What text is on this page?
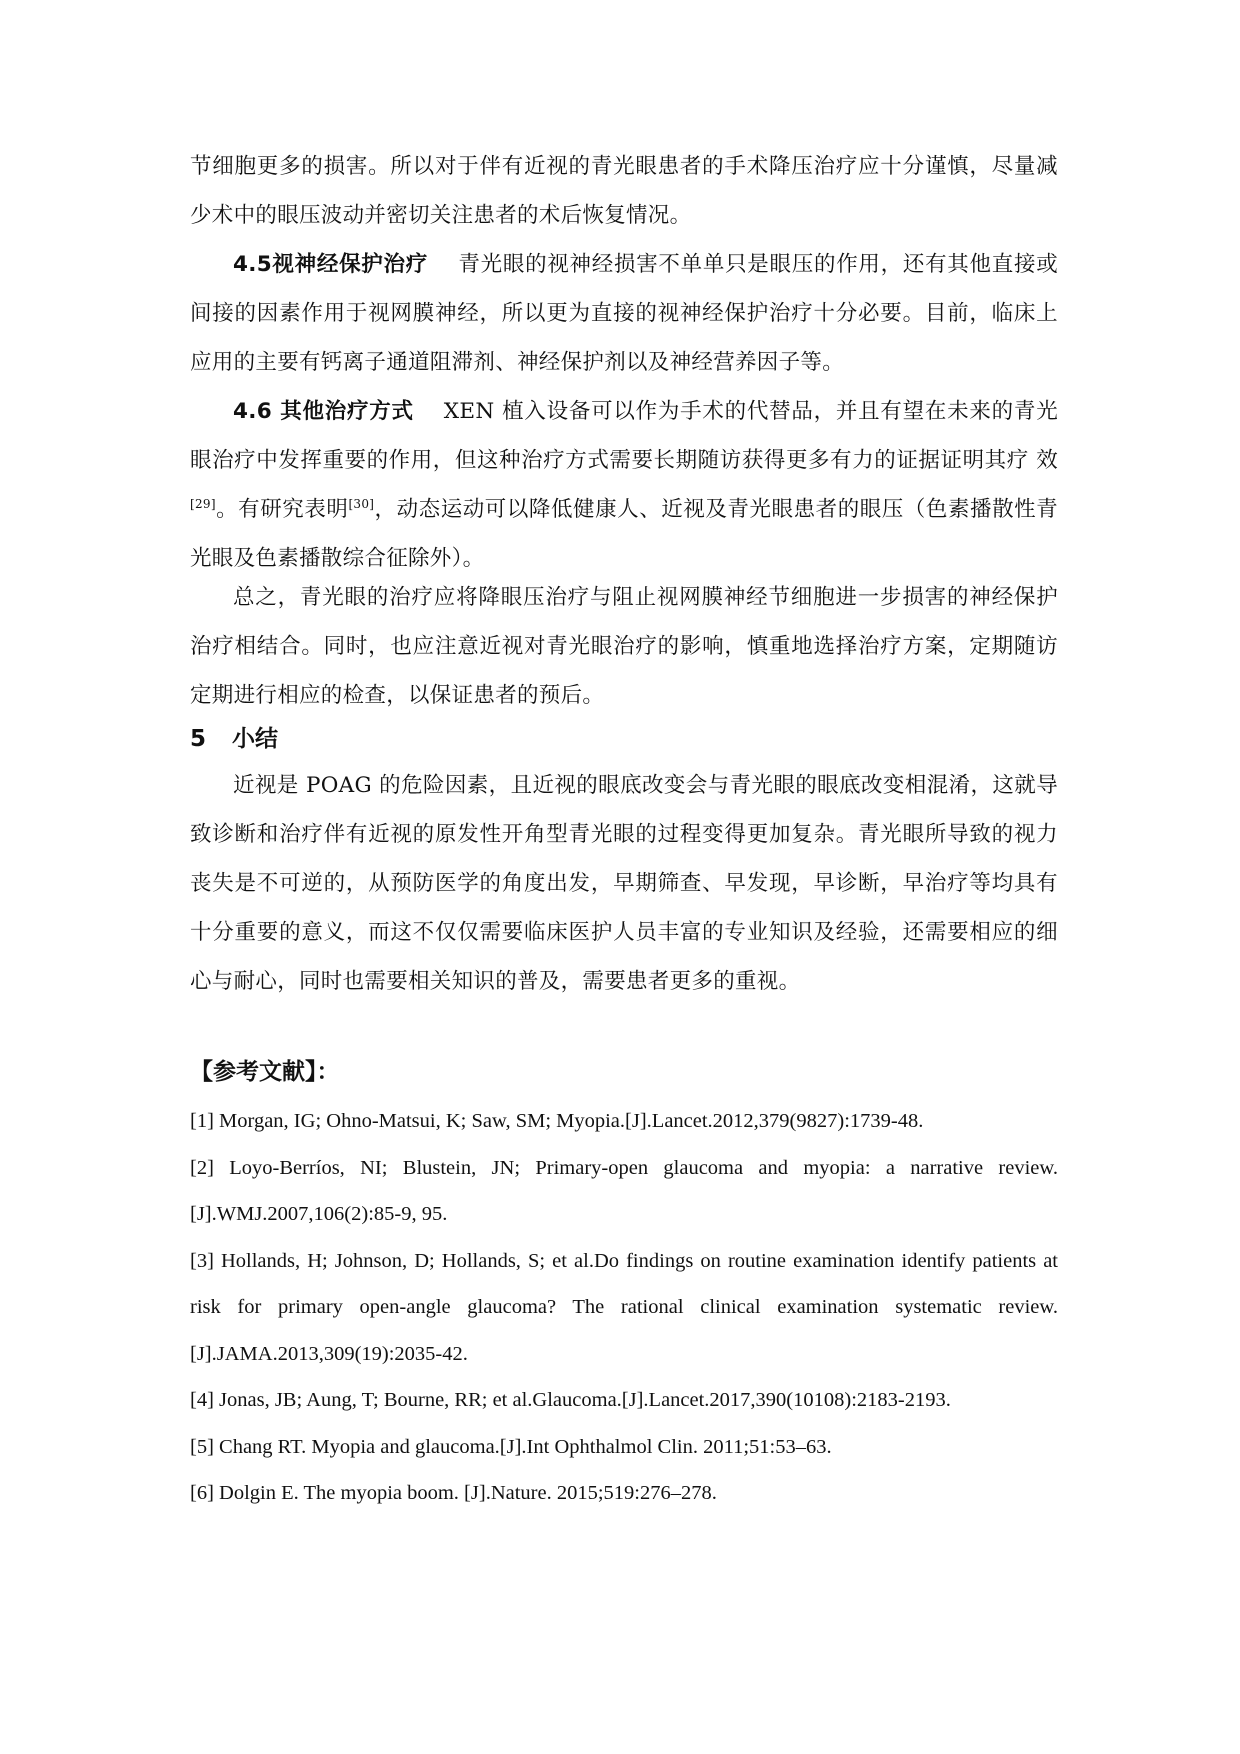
节细胞更多的损害。所以对于伴有近视的青光眼患者的手术降压治疗应十分谨慎，尽量减少术中的眼压波动并密切关注患者的术后恢复情况。

4.5视神经保护治疗 青光眼的视神经损害不单单只是眼压的作用，还有其他直接或间接的因素作用于视网膜神经，所以更为直接的视神经保护治疗十分必要。目前，临床上应用的主要有钙离子通道阻滞剂、神经保护剂以及神经营养因子等。

4.6 其他治疗方式 XEN 植入设备可以作为手术的代替品，并且有望在未来的青光眼治疗中发挥重要的作用，但这种治疗方式需要长期随访获得更多有力的证据证明其疗 效[29]。有研究表明[30]，动态运动可以降低健康人、近视及青光眼患者的眼压（色素播散性青光眼及色素播散综合征除外）。

总之，青光眼的治疗应将降眼压治疗与阻止视网膜神经节细胞进一步损害的神经保护治疗相结合。同时，也应注意近视对青光眼治疗的影响，慎重地选择治疗方案，定期随访定期进行相应的检查，以保证患者的预后。

5 小结

近视是 POAG 的危险因素，且近视的眼底改变会与青光眼的眼底改变相混淆，这就导致诊断和治疗伴有近视的原发性开角型青光眼的过程变得更加复杂。青光眼所导致的视力丧失是不可逆的，从预防医学的角度出发，早期筛查、早发现，早诊断，早治疗等均具有十分重要的意义，而这不仅仅需要临床医护人员丰富的专业知识及经验，还需要相应的细心与耐心，同时也需要相关知识的普及，需要患者更多的重视。

【参考文献】：
[1] Morgan, IG; Ohno-Matsui, K; Saw, SM; Myopia.[J].Lancet.2012,379(9827):1739-48.
[2] Loyo-Berríos, NI; Blustein, JN; Primary-open glaucoma and myopia: a narrative review. [J].WMJ.2007,106(2):85-9, 95.
[3] Hollands, H; Johnson, D; Hollands, S; et al.Do findings on routine examination identify patients at risk for primary open-angle glaucoma? The rational clinical examination systematic review.[J].JAMA.2013,309(19):2035-42.
[4] Jonas, JB; Aung, T; Bourne, RR; et al.Glaucoma.[J].Lancet.2017,390(10108):2183-2193.
[5] Chang RT. Myopia and glaucoma.[J].Int Ophthalmol Clin. 2011;51:53–63.
[6] Dolgin E. The myopia boom. [J].Nature. 2015;519:276–278.
